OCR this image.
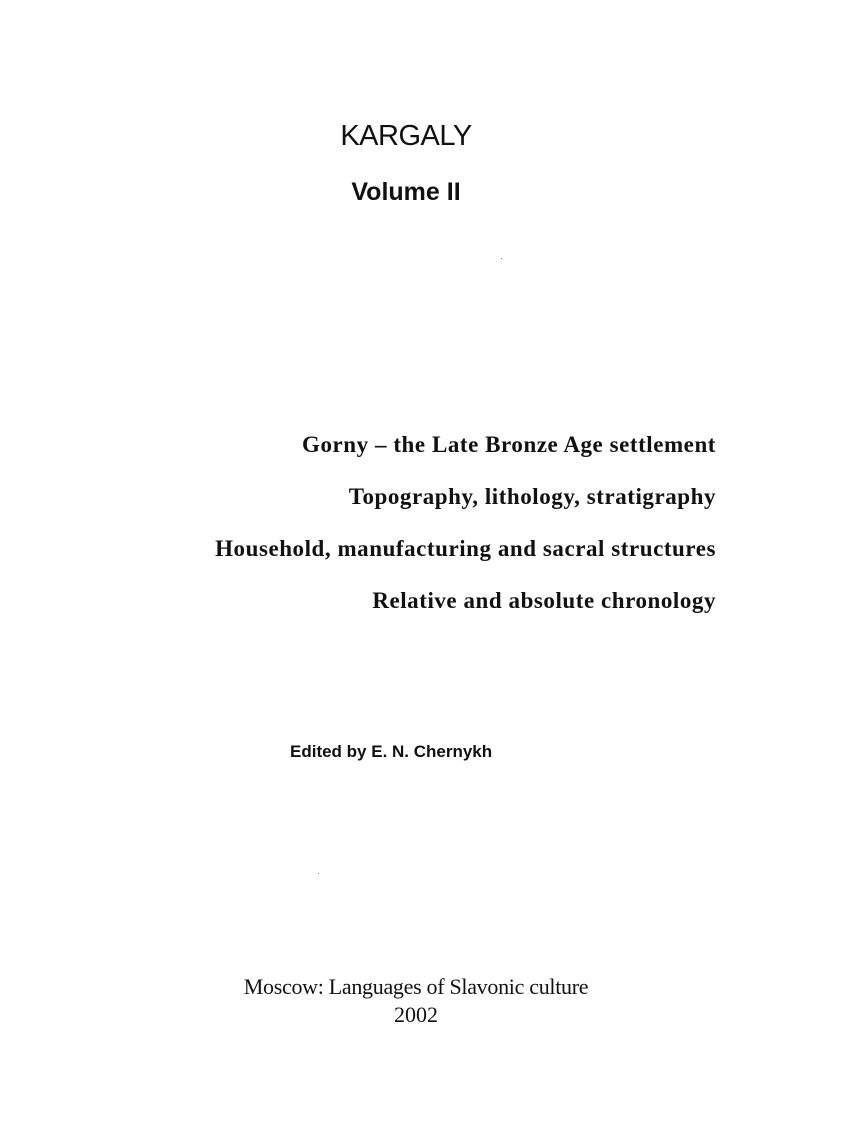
KARGALY
Volume II
Gorny – the Late Bronze Age settlement
Topography, lithology, stratigraphy
Household, manufacturing and sacral structures
Relative and absolute chronology
Edited by E. N. Chernykh
Moscow: Languages of Slavonic culture
2002
